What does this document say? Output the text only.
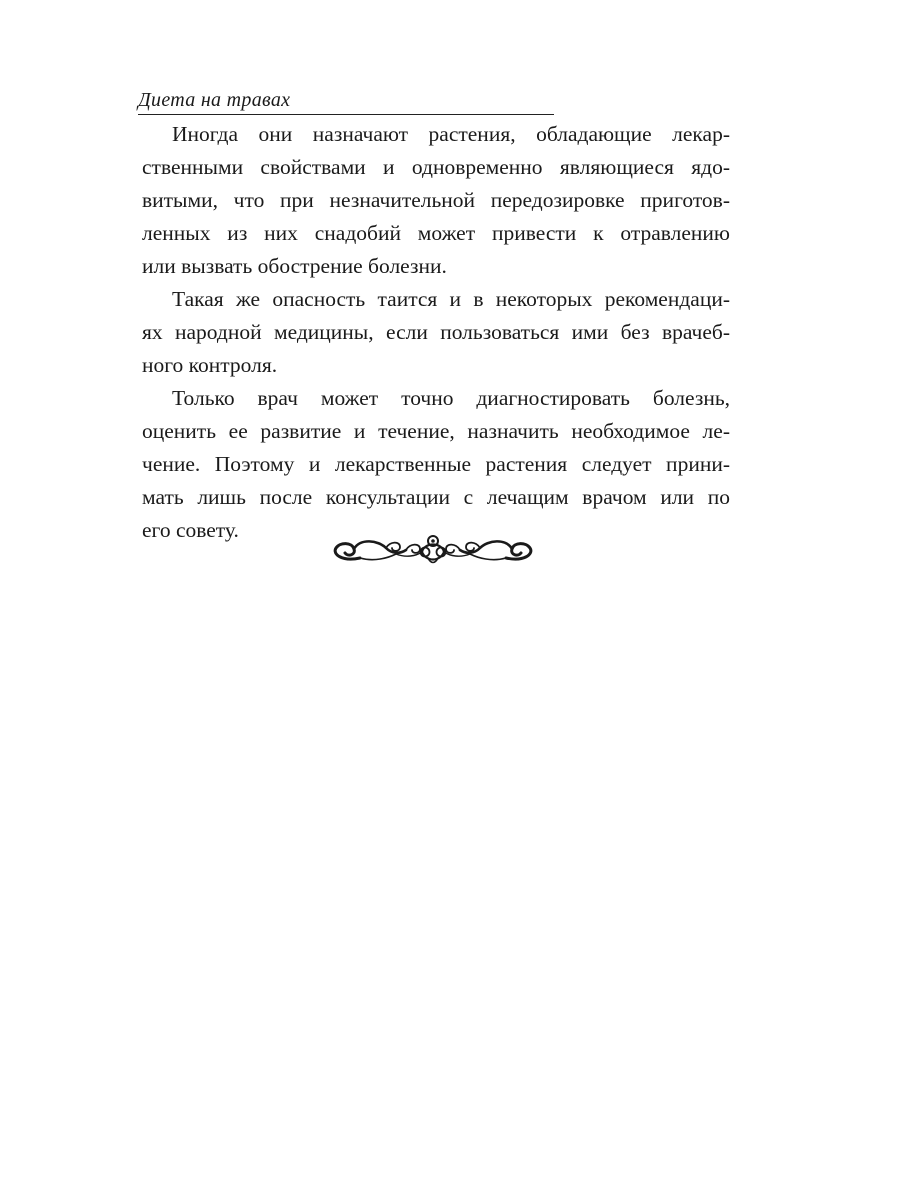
Диета на травах

Иногда они назначают растения, обладающие лекар-
ственными свойствами и одновременно являющиеся ядо-
витыми, что при незначительной передозировке приготов-
ленных из них снадобий может привести к отравлению
или вызвать обострение болезни.

Такая же опасность таится и в некоторых рекомендаци-
ях народной медицины, если пользоваться ими без врачеб-
ного контроля.

Только врач может точно диагностировать болезнь,
оценить ее развитие и течение, назначить необходимое ле-
чение. Поэтому и лекарственные растения следует прини-
мать лишь после консультации с лечащим врачом или по
его совету.
